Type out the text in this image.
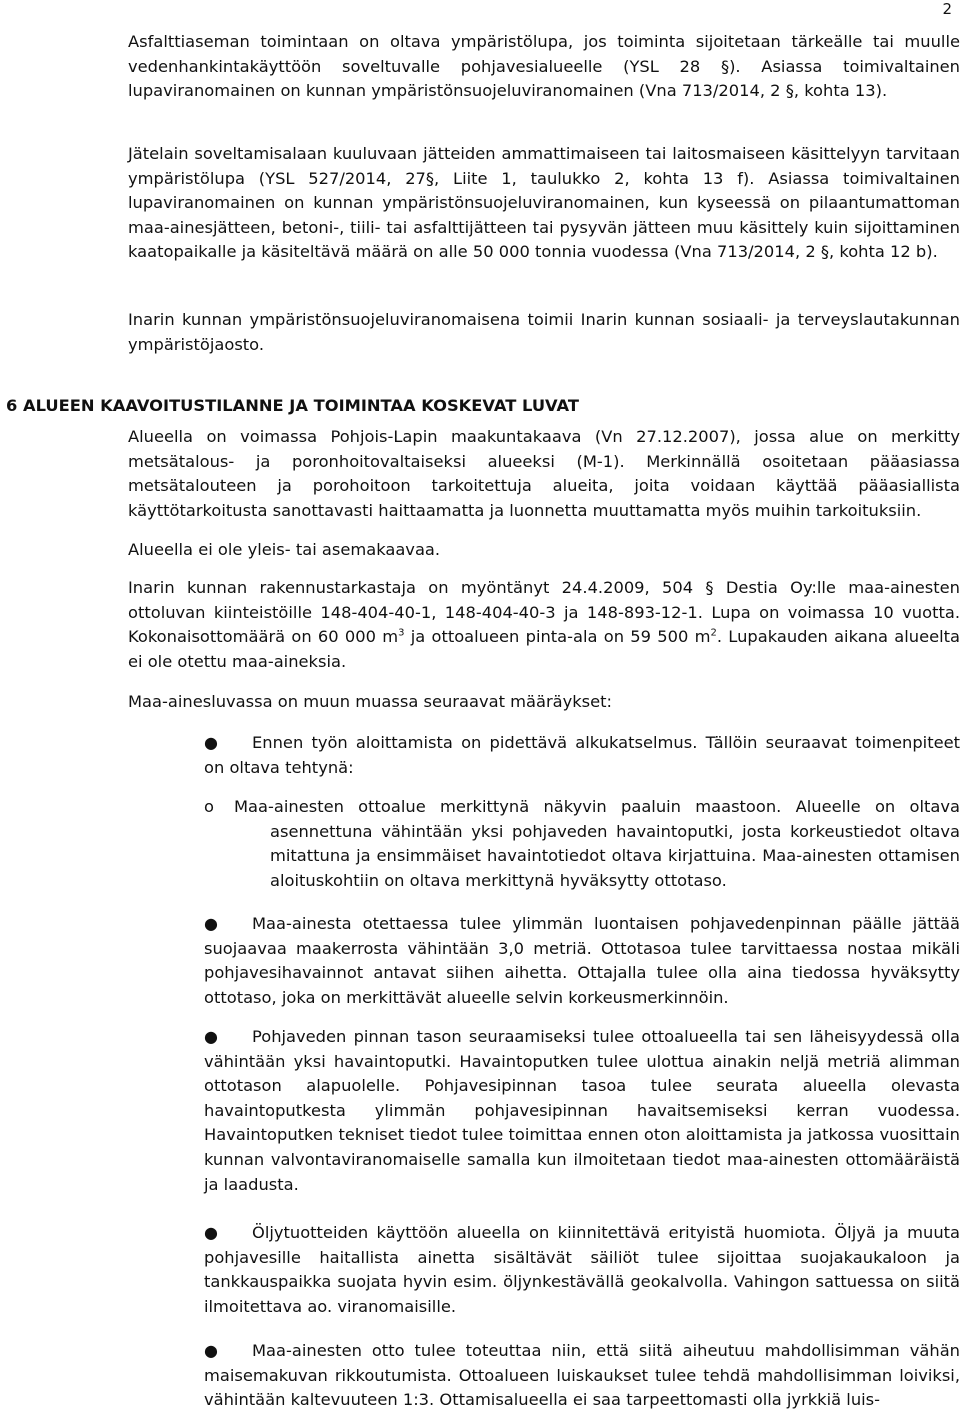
2

Asfalttiaseman toimintaan on oltava ympäristölupa, jos toiminta sijoitetaan tärkeälle tai muulle vedenhankintakäyttöön soveltuvalle pohjavesialueelle (YSL 28 §). Asiassa toimivaltainen lupaviranomainen on kunnan ympäristönsuojeluviranomainen (Vna 713/2014, 2 §, kohta 13).

Jätelain soveltamisalaan kuuluvaan jätteiden ammattimaiseen tai laitosmaiseen käsittelyyn tarvitaan ympäristölupa (YSL 527/2014, 27§, Liite 1, taulukko 2, kohta 13 f). Asiassa toimivaltainen lupaviranomainen on kunnan ympäristönsuojeluviranomainen, kun kyseessä on pilaantumattoman maa-ainesjätteen, betoni-, tiili- tai asfalttijätteen tai pysyvän jätteen muu käsittely kuin sijoittaminen kaatopaikalle ja käsiteltävä määrä on alle 50 000 tonnia vuodessa (Vna 713/2014, 2 §, kohta 12 b).

Inarin kunnan ympäristönsuojeluviranomaisena toimii Inarin kunnan sosiaali- ja terveyslautakunnan ympäristöjaosto.

6 ALUEEN KAAVOITUSTILANNE JA TOIMINTAA KOSKEVAT LUVAT

Alueella on voimassa Pohjois-Lapin maakuntakaava (Vn 27.12.2007), jossa alue on merkitty metsätalous- ja poronhoitovaltaiseksi alueeksi (M-1). Merkinnällä osoitetaan pääasiassa metsätalouteen ja porohoitoon tarkoitettuja alueita, joita voidaan käyttää pääasiallista käyttötarkoitusta sanottavasti haittaamatta ja luonnetta muuttamatta myös muihin tarkoituksiin.

Alueella ei ole yleis- tai asemakaavaa.

Inarin kunnan rakennustarkastaja on myöntänyt 24.4.2009, 504 § Destia Oy:lle maa-ainesten ottoluvan kiinteistöille 148-404-40-1, 148-404-40-3 ja 148-893-12-1. Lupa on voimassa 10 vuotta. Kokonaisottomäärä on 60 000 $m^3$ ja ottoalueen pinta-ala on 59 500 $m^2$. Lupakauden aikana alueelta ei ole otettu maa-aineksia.

Maa-ainesluvassa on muun muassa seuraavat määräykset:

●	Ennen työn aloittamista on pidettävä alkukatselmus. Tällöin seuraavat toimenpiteet on oltava tehtynä:

o	Maa-ainesten ottoalue merkittynä näkyvin paaluin maastoon. Alueelle on oltava asennettuna vähintään yksi pohjaveden havaintoputki, josta korkeustiedot oltava mitattuna ja ensimmäiset havaintotiedot oltava kirjattuina. Maa-ainesten ottamisen aloituskohtiin on oltava merkittynä hyväksytty ottotaso.

●	Maa-ainesta otettaessa tulee ylimmän luontaisen pohjavedenpinnan päälle jättää suojaavaa maakerrosta vähintään 3,0 metriä. Ottotasoa tulee tarvittaessa nostaa mikäli pohjavesihavainnot antavat siihen aihetta. Ottajalla tulee olla aina tiedossa hyväksytty ottotaso, joka on merkittävät alueelle selvin korkeusmerkinnöin.

●	Pohjaveden pinnan tason seuraamiseksi tulee ottoalueella tai sen läheisyydessä olla vähintään yksi havaintoputki. Havaintoputken tulee ulottua ainakin neljä metriä alimman ottotason alapuolelle. Pohjavesipinnan tasoa tulee seurata alueella olevasta havaintoputkesta ylimmän pohjavesipinnan havaitsemiseksi kerran vuodessa. Havaintoputken tekniset tiedot tulee toimittaa ennen oton aloittamista ja jatkossa vuosittain kunnan valvontaviranomaiselle samalla kun ilmoitetaan tiedot maa-ainesten ottomääräistä ja laadusta.

●	Öljytuotteiden käyttöön alueella on kiinnitettävä erityistä huomiota. Öljyä ja muuta pohjavesille haitallista ainetta sisältävät säiliöt tulee sijoittaa suojakaukaloon ja tankkauspaikka suojata hyvin esim. öljynkestävällä geokalvolla. Vahingon sattuessa on siitä ilmoitettava ao. viranomaisille.

●	Maa-ainesten otto tulee toteuttaa niin, että siitä aiheutuu mahdollisimman vähän maisemakuvan rikkoutumista. Ottoalueen luiskaukset tulee tehdä mahdollisimman loiviksi, vähintään kaltevuuteen 1:3. Ottamisalueella ei saa tarpeettomasti olla jyrkkiä luis-
